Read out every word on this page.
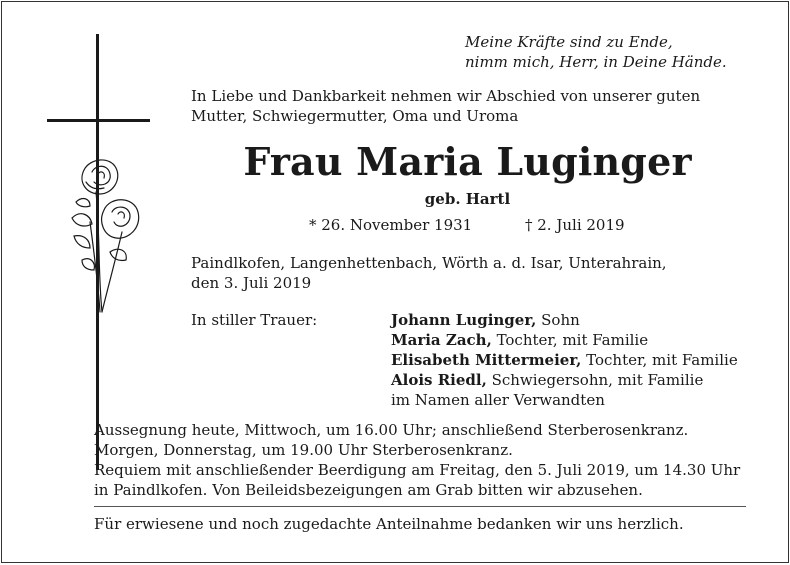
Meine Kräfte sind zu Ende,
nimm mich, Herr, in Deine Hände.
In Liebe und Dankbarkeit nehmen wir Abschied von unserer guten
Mutter, Schwiegermutter, Oma und Uroma
Frau Maria Luginger
geb. Hartl
* 26. November 1931	† 2. Juli 2019
Paindlkofen, Langenhettenbach, Wörth a. d. Isar, Unterahrain,
den 3. Juli 2019
In stiller Trauer:	Johann Luginger, Sohn
Maria Zach, Tochter, mit Familie
Elisabeth Mittermeier, Tochter, mit Familie
Alois Riedl, Schwiegersohn, mit Familie
im Namen aller Verwandten
Aussegnung heute, Mittwoch, um 16.00 Uhr; anschließend Sterberosenkranz.
Morgen, Donnerstag, um 19.00 Uhr Sterberosenkranz.
Requiem mit anschließender Beerdigung am Freitag, den 5. Juli 2019, um 14.30 Uhr
in Paindlkofen. Von Beileidsbezeigungen am Grab bitten wir abzusehen.
Für erwiesene und noch zugedachte Anteilnahme bedanken wir uns herzlich.
